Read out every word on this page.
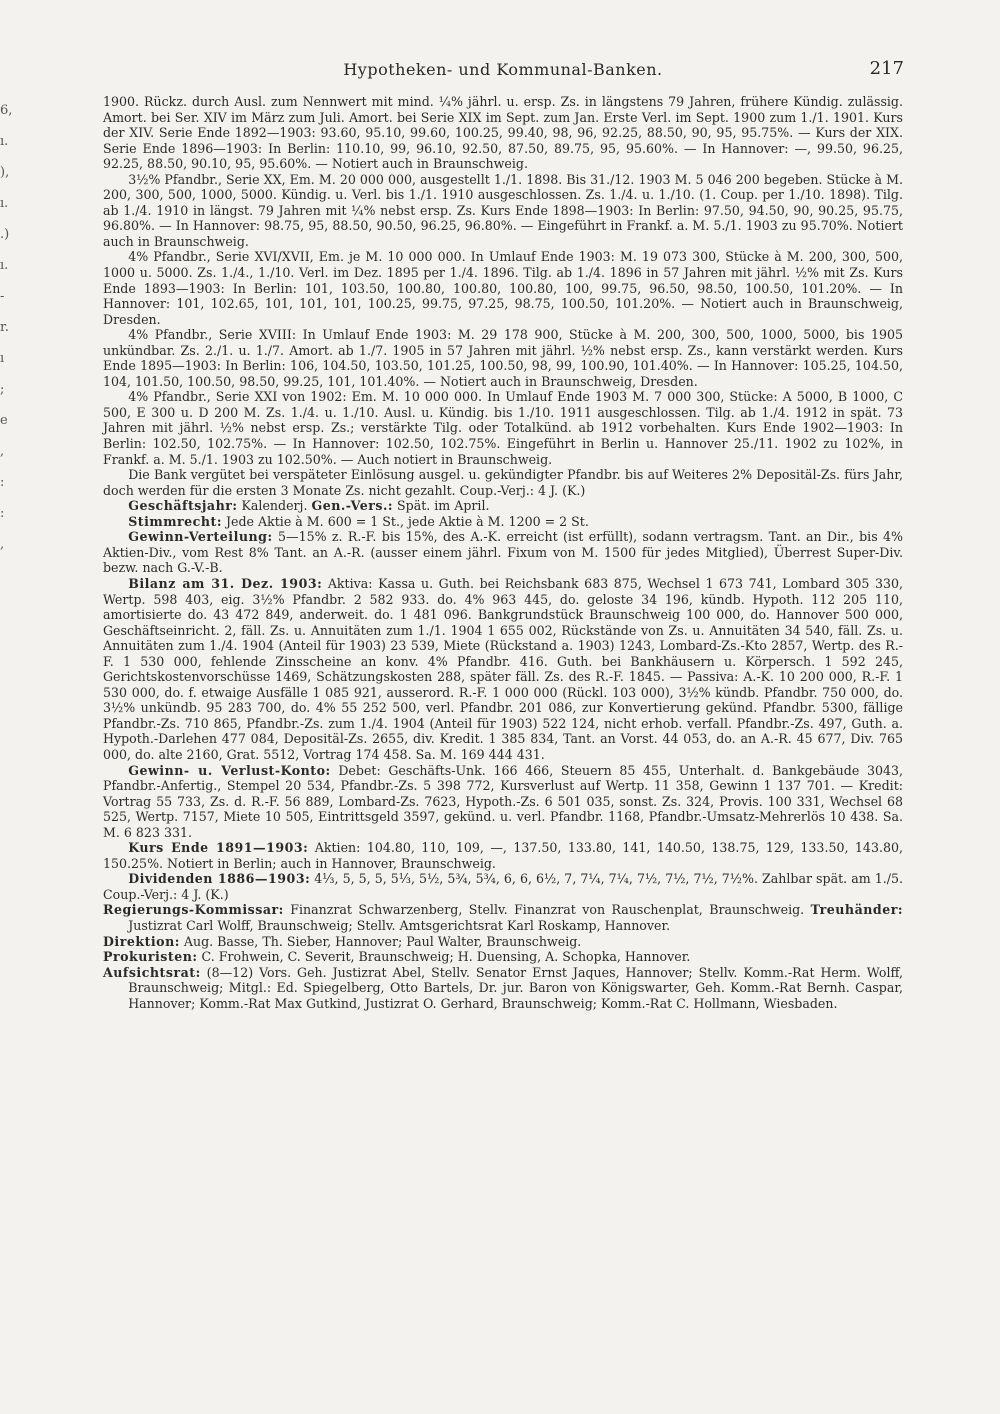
6,
ı.
),
ı.
.)
ı.
-
r.
ı
;
e
,
:
:
,
Hypotheken- und Kommunal-Banken.	217

1900. Rückz. durch Ausl. zum Nennwert mit mind. ¼% jährl. u. ersp. Zs. in längstens 79 Jahren, frühere Kündig. zulässig. Amort. bei Ser. XIV im März zum Juli. Amort. bei Serie XIX im Sept. zum Jan. Erste Verl. im Sept. 1900 zum 1./1. 1901. Kurs der XIV. Serie Ende 1892—1903: 93.60, 95.10, 99.60, 100.25, 99.40, 98, 96, 92.25, 88.50, 90, 95, 95.75%. — Kurs der XIX. Serie Ende 1896—1903: In Berlin: 110.10, 99, 96.10, 92.50, 87.50, 89.75, 95, 95.60%. — In Hannover: —, 99.50, 96.25, 92.25, 88.50, 90.10, 95, 95.60%. — Notiert auch in Braunschweig.

3½% Pfandbr., Serie XX, Em. M. 20 000 000, ausgestellt 1./1. 1898. Bis 31./12. 1903 M. 5 046 200 begeben. Stücke à M. 200, 300, 500, 1000, 5000. Kündig. u. Verl. bis 1./1. 1910 ausgeschlossen. Zs. 1./4. u. 1./10. (1. Coup. per 1./10. 1898). Tilg. ab 1./4. 1910 in längst. 79 Jahren mit ¼% nebst ersp. Zs. Kurs Ende 1898—1903: In Berlin: 97.50, 94.50, 90, 90.25, 95.75, 96.80%. — In Hannover: 98.75, 95, 88.50, 90.50, 96.25, 96.80%. — Eingeführt in Frankf. a. M. 5./1. 1903 zu 95.70%. Notiert auch in Braunschweig.

4% Pfandbr., Serie XVI/XVII, Em. je M. 10 000 000. In Umlauf Ende 1903: M. 19 073 300, Stücke à M. 200, 300, 500, 1000 u. 5000. Zs. 1./4., 1./10. Verl. im Dez. 1895 per 1./4. 1896. Tilg. ab 1./4. 1896 in 57 Jahren mit jährl. ½% mit Zs. Kurs Ende 1893—1903: In Berlin: 101, 103.50, 100.80, 100.80, 100.80, 100, 99.75, 96.50, 98.50, 100.50, 101.20%. — In Hannover: 101, 102.65, 101, 101, 101, 100.25, 99.75, 97.25, 98.75, 100.50, 101.20%. — Notiert auch in Braunschweig, Dresden.

4% Pfandbr., Serie XVIII: In Umlauf Ende 1903: M. 29 178 900, Stücke à M. 200, 300, 500, 1000, 5000, bis 1905 unkündbar. Zs. 2./1. u. 1./7. Amort. ab 1./7. 1905 in 57 Jahren mit jährl. ½% nebst ersp. Zs., kann verstärkt werden. Kurs Ende 1895—1903: In Berlin: 106, 104.50, 103.50, 101.25, 100.50, 98, 99, 100.90, 101.40%. — In Hannover: 105.25, 104.50, 104, 101.50, 100.50, 98.50, 99.25, 101, 101.40%. — Notiert auch in Braunschweig, Dresden.

4% Pfandbr., Serie XXI von 1902: Em. M. 10 000 000. In Umlauf Ende 1903 M. 7 000 300, Stücke: A 5000, B 1000, C 500, E 300 u. D 200 M. Zs. 1./4. u. 1./10. Ausl. u. Kündig. bis 1./10. 1911 ausgeschlossen. Tilg. ab 1./4. 1912 in spät. 73 Jahren mit jährl. ½% nebst ersp. Zs.; verstärkte Tilg. oder Totalkünd. ab 1912 vorbehalten. Kurs Ende 1902—1903: In Berlin: 102.50, 102.75%. — In Hannover: 102.50, 102.75%. Eingeführt in Berlin u. Hannover 25./11. 1902 zu 102%, in Frankf. a. M. 5./1. 1903 zu 102.50%. — Auch notiert in Braunschweig.

Die Bank vergütet bei verspäteter Einlösung ausgel. u. gekündigter Pfandbr. bis auf Weiteres 2% Depositäl-Zs. fürs Jahr, doch werden für die ersten 3 Monate Zs. nicht gezahlt. Coup.-Verj.: 4 J. (K.)

Geschäftsjahr: Kalenderj. Gen.-Vers.: Spät. im April.

Stimmrecht: Jede Aktie à M. 600 = 1 St., jede Aktie à M. 1200 = 2 St.

Gewinn-Verteilung: 5—15% z. R.-F. bis 15%, des A.-K. erreicht (ist erfüllt), sodann vertragsm. Tant. an Dir., bis 4% Aktien-Div., vom Rest 8% Tant. an A.-R. (ausser einem jährl. Fixum von M. 1500 für jedes Mitglied), Überrest Super-Div. bezw. nach G.-V.-B.

Bilanz am 31. Dez. 1903: Aktiva: Kassa u. Guth. bei Reichsbank 683 875, Wechsel 1 673 741, Lombard 305 330, Wertp. 598 403, eig. 3½% Pfandbr. 2 582 933. do. 4% 963 445, do. geloste 34 196, kündb. Hypoth. 112 205 110, amortisierte do. 43 472 849, anderweit. do. 1 481 096. Bankgrundstück Braunschweig 100 000, do. Hannover 500 000, Geschäftseinricht. 2, fäll. Zs. u. Annuitäten zum 1./1. 1904 1 655 002, Rückstände von Zs. u. Annuitäten 34 540, fäll. Zs. u. Annuitäten zum 1./4. 1904 (Anteil für 1903) 23 539, Miete (Rückstand a. 1903) 1243, Lombard-Zs.-Kto 2857, Wertp. des R.-F. 1 530 000, fehlende Zinsscheine an konv. 4% Pfandbr. 416. Guth. bei Bankhäusern u. Körpersch. 1 592 245, Gerichtskostenvorschüsse 1469, Schätzungskosten 288, später fäll. Zs. des R.-F. 1845. — Passiva: A.-K. 10 200 000, R.-F. 1 530 000, do. f. etwaige Ausfälle 1 085 921, ausserord. R.-F. 1 000 000 (Rückl. 103 000), 3½% kündb. Pfandbr. 750 000, do. 3½% unkündb. 95 283 700, do. 4% 55 252 500, verl. Pfandbr. 201 086, zur Konvertierung gekünd. Pfandbr. 5300, fällige Pfandbr.-Zs. 710 865, Pfandbr.-Zs. zum 1./4. 1904 (Anteil für 1903) 522 124, nicht erhob. verfall. Pfandbr.-Zs. 497, Guth. a. Hypoth.-Darlehen 477 084, Depositäl-Zs. 2655, div. Kredit. 1 385 834, Tant. an Vorst. 44 053, do. an A.-R. 45 677, Div. 765 000, do. alte 2160, Grat. 5512, Vortrag 174 458. Sa. M. 169 444 431.

Gewinn- u. Verlust-Konto: Debet: Geschäfts-Unk. 166 466, Steuern 85 455, Unterhalt. d. Bankgebäude 3043, Pfandbr.-Anfertig., Stempel 20 534, Pfandbr.-Zs. 5 398 772, Kursverlust auf Wertp. 11 358, Gewinn 1 137 701. — Kredit: Vortrag 55 733, Zs. d. R.-F. 56 889, Lombard-Zs. 7623, Hypoth.-Zs. 6 501 035, sonst. Zs. 324, Provis. 100 331, Wechsel 68 525, Wertp. 7157, Miete 10 505, Eintrittsgeld 3597, gekünd. u. verl. Pfandbr. 1168, Pfandbr.-Umsatz-Mehrerlös 10 438. Sa. M. 6 823 331.

Kurs Ende 1891—1903: Aktien: 104.80, 110, 109, —, 137.50, 133.80, 141, 140.50, 138.75, 129, 133.50, 143.80, 150.25%. Notiert in Berlin; auch in Hannover, Braunschweig.

Dividenden 1886—1903: 4⅓, 5, 5, 5, 5⅓, 5½, 5¾, 5¾, 6, 6, 6½, 7, 7¼, 7¼, 7½, 7½, 7½, 7½%. Zahlbar spät. am 1./5. Coup.-Verj.: 4 J. (K.)

Regierungs-Kommissar: Finanzrat Schwarzenberg, Stellv. Finanzrat von Rauschenplat, Braunschweig. Treuhänder: Justizrat Carl Wolff, Braunschweig; Stellv. Amtsgerichtsrat Karl Roskamp, Hannover.

Direktion: Aug. Basse, Th. Sieber, Hannover; Paul Walter, Braunschweig.

Prokuristen: C. Frohwein, C. Severit, Braunschweig; H. Duensing, A. Schopka, Hannover.

Aufsichtsrat: (8—12) Vors. Geh. Justizrat Abel, Stellv. Senator Ernst Jaques, Hannover; Stellv. Komm.-Rat Herm. Wolff, Braunschweig; Mitgl.: Ed. Spiegelberg, Otto Bartels, Dr. jur. Baron von Königswarter, Geh. Komm.-Rat Bernh. Caspar, Hannover; Komm.-Rat Max Gutkind, Justizrat O. Gerhard, Braunschweig; Komm.-Rat C. Hollmann, Wiesbaden.
